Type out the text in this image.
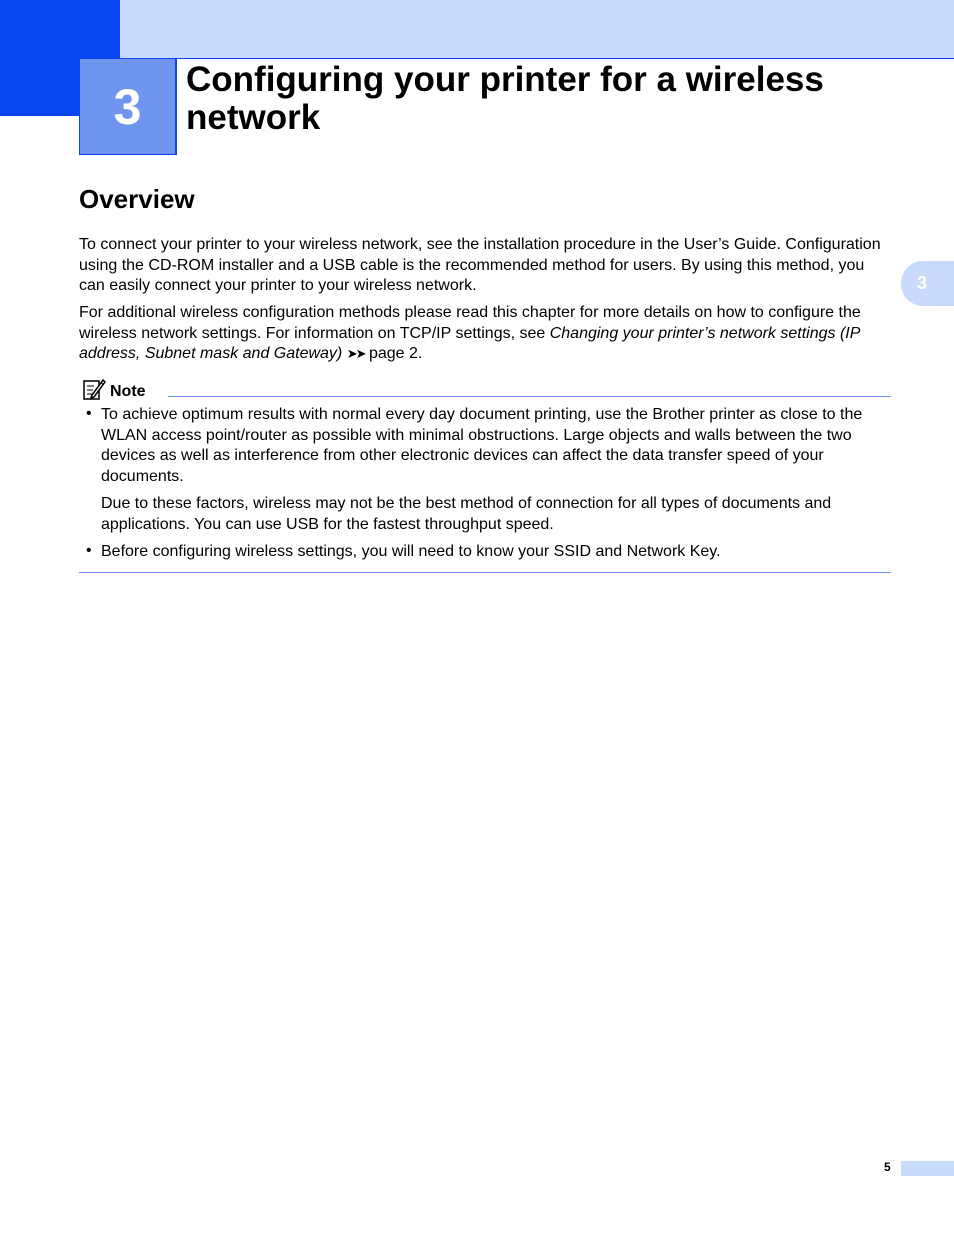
3	Configuring your printer for a wireless network
3
Overview

To connect your printer to your wireless network, see the installation procedure in the User’s Guide. Configuration using the CD-ROM installer and a USB cable is the recommended method for users. By using this method, you can easily connect your printer to your wireless network.

For additional wireless configuration methods please read this chapter for more details on how to configure the wireless network settings. For information on TCP/IP settings, see Changing your printer’s network settings (IP address, Subnet mask and Gateway) ➤➤ page 2.

Note
• To achieve optimum results with normal every day document printing, use the Brother printer as close to the WLAN access point/router as possible with minimal obstructions. Large objects and walls between the two devices as well as interference from other electronic devices can affect the data transfer speed of your documents.

Due to these factors, wireless may not be the best method of connection for all types of documents and applications. You can use USB for the fastest throughput speed.

• Before configuring wireless settings, you will need to know your SSID and Network Key.

5
